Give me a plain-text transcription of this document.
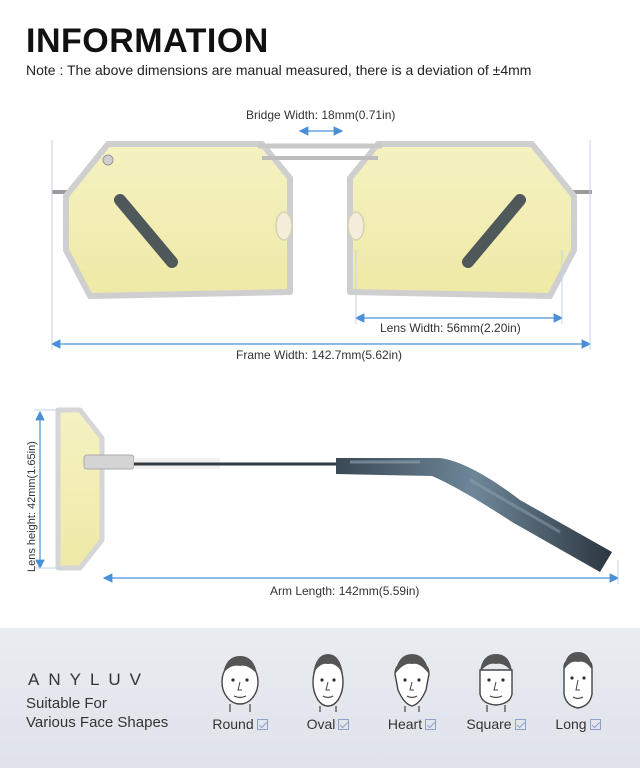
INFORMATION
Note : The above dimensions are manual measured, there is a deviation of ±4mm
Bridge Width: 18mm(0.71in)
Lens Width: 56mm(2.20in)
Frame Width: 142.7mm(5.62in)
Lens height: 42mm(1.65in)
Arm Length: 142mm(5.59in)
ANYLUV
Suitable For
Various Face Shapes	Round	Oval	Heart	Square	Long
